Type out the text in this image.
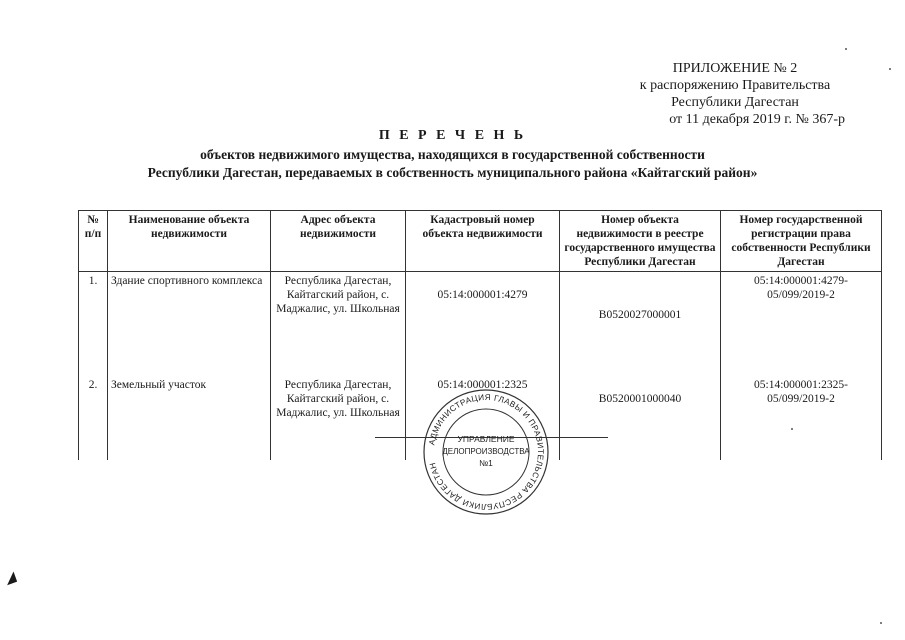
ПРИЛОЖЕНИЕ № 2
к распоряжению Правительства
Республики Дагестан
от 11 декабря 2019 г. № 367-р
П Е Р Е Ч Е Н Ь
объектов недвижимого имущества, находящихся в государственной собственности
Республики Дагестан, передаваемых в собственность муниципального района «Кайтагский район»
№ п/п	Наименование объекта недвижимости	Адрес объекта недвижимости	Кадастровый номер объекта недвижимости	Номер объекта недвижимости в реестре государственного имущества Республики Дагестан	Номер государственной регистрации права собственности Республики Дагестан
1.	Здание спортивного комплекса	Республика Дагестан, Кайтагский район, с. Маджалис, ул. Школьная	05:14:000001:4279	В0520027000001	05:14:000001:4279-05/099/2019-2
2.	Земельный участок	Республика Дагестан, Кайтагский район, с. Маджалис, ул. Школьная	05:14:000001:2325	В0520001000040	05:14:000001:2325-05/099/2019-2
АДМИНИСТРАЦИЯ ГЛАВЫ И ПРАВИТЕЛЬСТВА РЕСПУБЛИКИ ДАГЕСТАН
УПРАВЛЕНИЕ
ДЕЛОПРОИЗВОДСТВА
№1
◢
